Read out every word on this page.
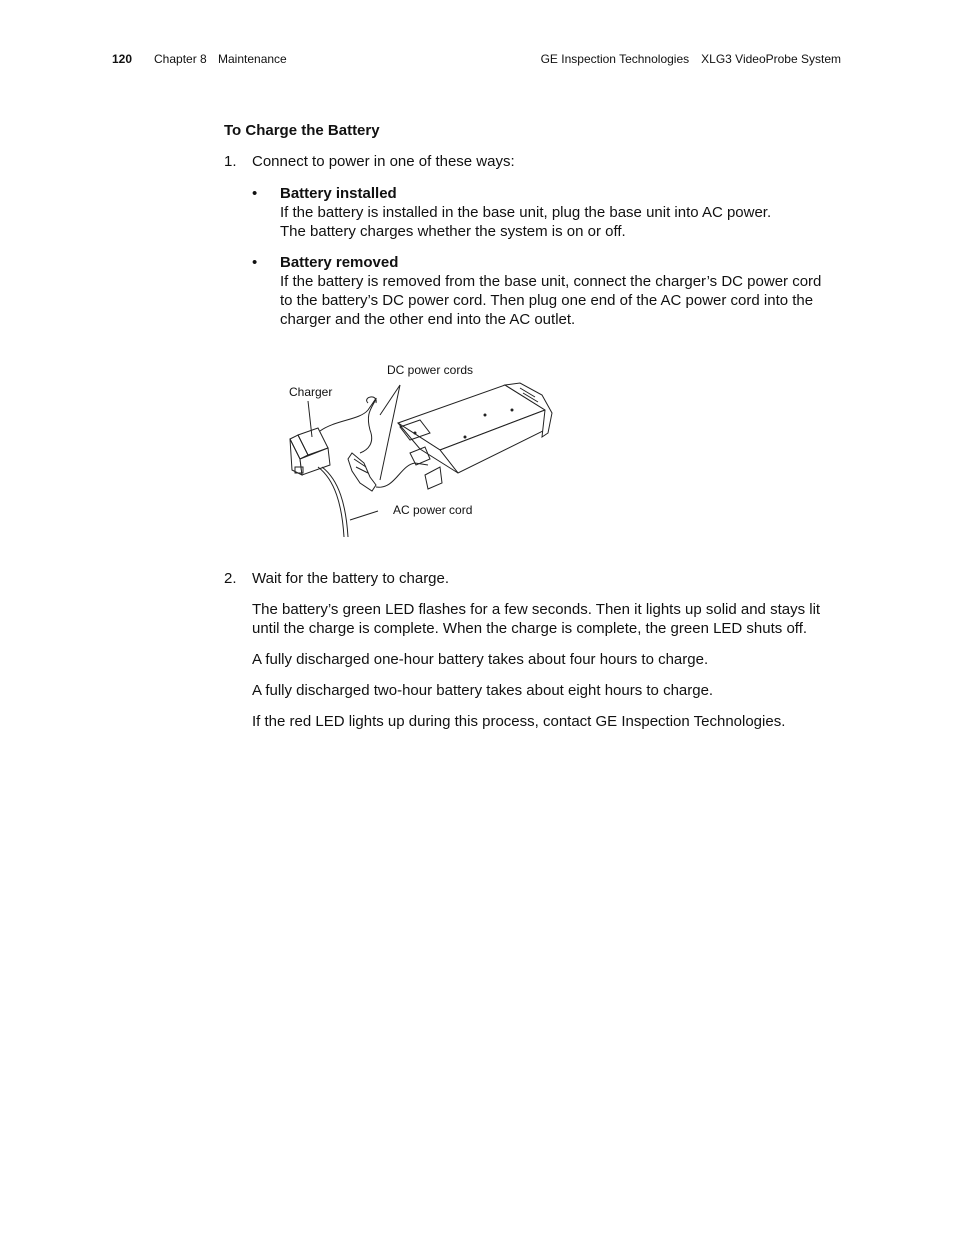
120 Chapter 8 Maintenance	GE Inspection Technologies XLG3 VideoProbe System
To Charge the Battery
1. Connect to power in one of these ways:
• Battery installed
If the battery is installed in the base unit, plug the base unit into AC power.
The battery charges whether the system is on or off.
• Battery removed
If the battery is removed from the base unit, connect the charger’s DC power cord
to the battery’s DC power cord. Then plug one end of the AC power cord into the
charger and the other end into the AC outlet.
Charger
DC power cords
AC power cord
2. Wait for the battery to charge.
The battery’s green LED flashes for a few seconds. Then it lights up solid and stays lit until the charge is complete. When the charge is complete, the green LED shuts off.
A fully discharged one-hour battery takes about four hours to charge.
A fully discharged two-hour battery takes about eight hours to charge.
If the red LED lights up during this process, contact GE Inspection Technologies.
